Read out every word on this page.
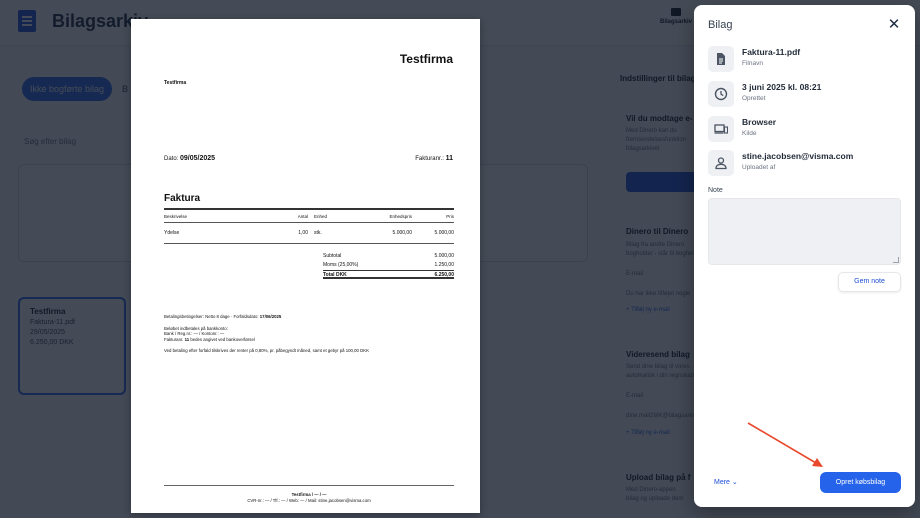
Testfirma
Testfirma
Dato: 09/05/2025	Fakturanr.: 11
Faktura
Beskrivelse	Antal	Enhed	Enhedspris	Pris
Ydelse	1,00	stk.	5.000,00	5.000,00
Subtotal	5.000,00
Moms (25,00%)	1.250,00
Total DKK	6.250,00
Betalingsbetingelser: Netto 8 dage · Forfaldsdato: 17/06/2025
Beløbet indbetales på bankkonto:
Bank / Reg.nr.: — / Kontonr.: —
Fakturanr. 11 bedes angivet ved bankoverførsel
Ved betaling efter forfald tilskrives der renter på 0,80%, pr. påbegyndt måned, samt et gebyr på 100,00 DKK
Testfirma / — / —
CVR-nr.: — / Tlf.: — / Web: — / Mail: stine.jacobsen@visma.com
Bilag	✕
Faktura-11.pdf
Filnavn
3 juni 2025 kl. 08:21
Oprettet
Browser
Kilde
stine.jacobsen@visma.com
Uploadet af
Note
Gem note
Mere ⌄	Opret købsbilag
